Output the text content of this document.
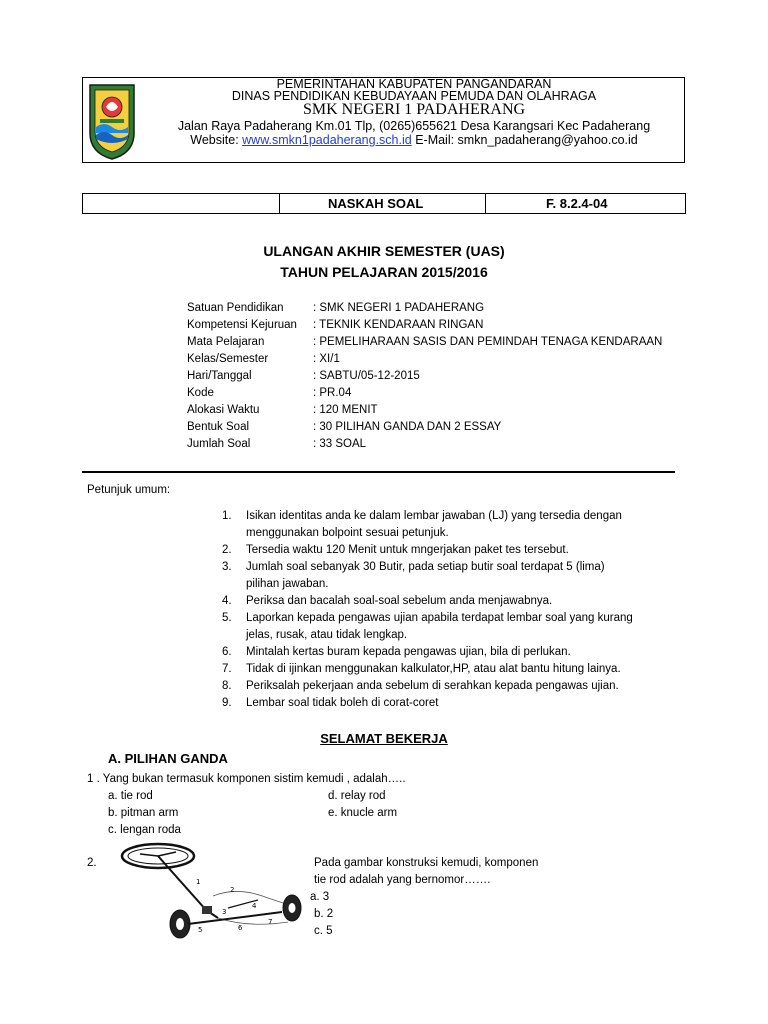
PEMERINTAHAN KABUPATEN PANGANDARAN
DINAS PENDIDIKAN KEBUDAYAAN PEMUDA DAN OLAHRAGA
SMK NEGERI 1 PADAHERANG
Jalan Raya Padaherang Km.01 Tlp, (0265)655621 Desa Karangsari Kec Padaherang
Website: www.smkn1padaherang.sch.id E-Mail: smkn_padaherang@yahoo.co.id
NASKAH SOAL	F. 8.2.4-04
ULANGAN AKHIR SEMESTER (UAS)
TAHUN PELAJARAN 2015/2016
Satuan Pendidikan	: SMK NEGERI 1 PADAHERANG
Kompetensi Kejuruan : TEKNIK KENDARAAN RINGAN
Mata Pelajaran	: PEMELIHARAAN SASIS DAN PEMINDAH TENAGA KENDARAAN
Kelas/Semester	: XI/1
Hari/Tanggal	: SABTU/05-12-2015
Kode	: PR.04
Alokasi Waktu	: 120 MENIT
Bentuk Soal	: 30 PILIHAN GANDA DAN 2 ESSAY
Jumlah Soal	: 33 SOAL
Petunjuk umum:
1. Isikan identitas anda ke dalam lembar jawaban (LJ) yang tersedia dengan
menggunakan bolpoint sesuai petunjuk.
2. Tersedia waktu 120 Menit untuk mngerjakan paket tes tersebut.
3. Jumlah soal sebanyak 30 Butir, pada setiap butir soal terdapat 5 (lima)
pilihan jawaban.
4. Periksa dan bacalah soal-soal sebelum anda menjawabnya.
5. Laporkan kepada pengawas ujian apabila terdapat lembar soal yang kurang
jelas, rusak, atau tidak lengkap.
6. Mintalah kertas buram kepada pengawas ujian, bila di perlukan.
7. Tidak di ijinkan menggunakan kalkulator,HP, atau alat bantu hitung lainya.
8. Periksalah pekerjaan anda sebelum di serahkan kepada pengawas ujian.
9. Lembar soal tidak boleh di corat-coret
SELAMAT BEKERJA
A. PILIHAN GANDA
1 . Yang bukan termasuk komponen sistim kemudi , adalah…..
a. tie rod
b. pitman arm
c. lengan roda
d. relay rod
e. knucle arm
2.
1
2
3
4
5	6
7
Pada gambar konstruksi kemudi, komponen
tie rod adalah yang bernomor…….
a. 3
b. 2
c. 5
